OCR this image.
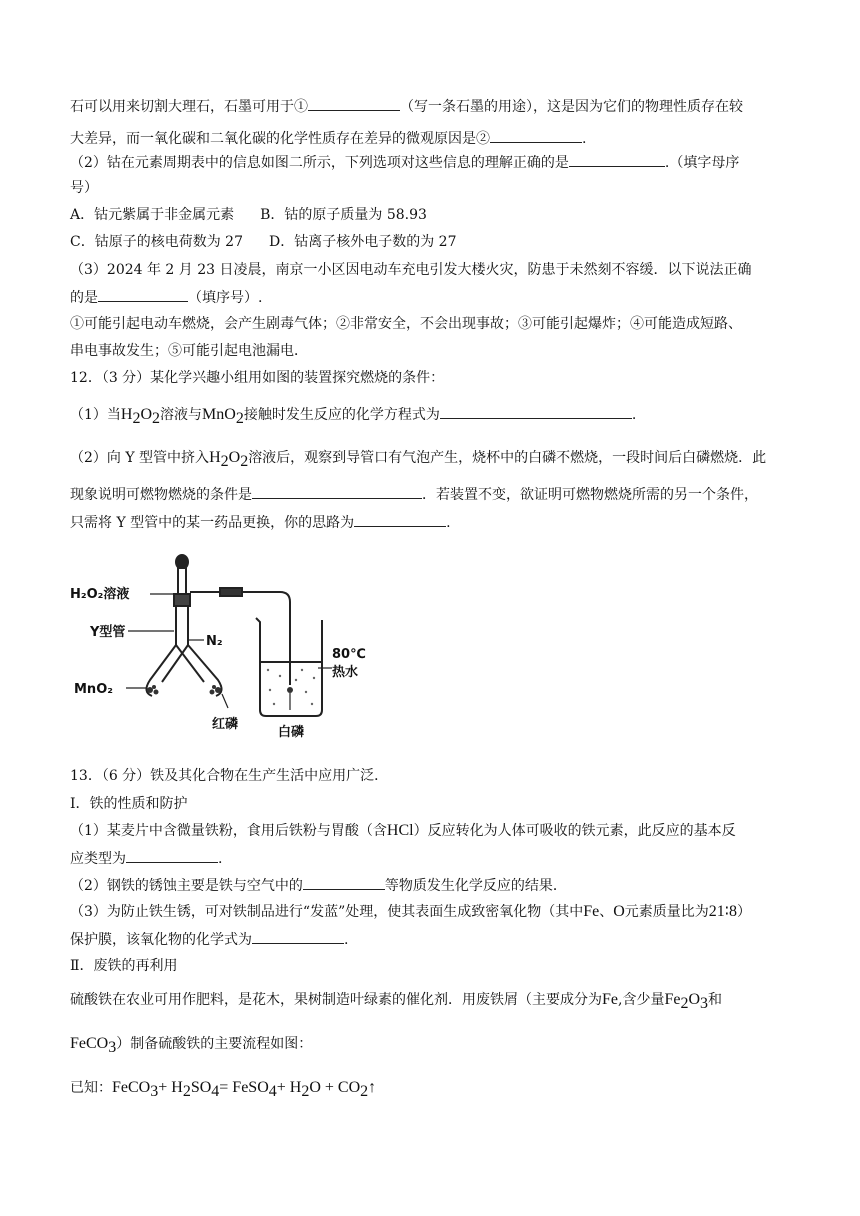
石可以用来切割大理石，石墨可用于①	（写一条石墨的用途），这是因为它们的物理性质存在较
大差异，而一氧化碳和二氧化碳的化学性质存在差异的微观原因是②	.
（2）钴在元素周期表中的信息如图二所示，下列选项对这些信息的理解正确的是	.（填字母序
号）
A．钴元紫属于非金属元素 B．钴的原子质量为 58.93
C．钴原子的核电荷数为 27 D．钴离子核外电子数的为 27
（3）2024 年 2 月 23 日凌晨，南京一小区因电动车充电引发大楼火灾，防患于未然刻不容缓．以下说法正确
的是	（填序号）.
①可能引起电动车燃烧，会产生剧毒气体；②非常安全，不会出现事故；③可能引起爆炸；④可能造成短路、
串电事故发生；⑤可能引起电池漏电．
12．（3 分）某化学兴趣小组用如图的装置探究燃烧的条件：
（1）当$H_2O_2$溶液与MnO$_2$接触时发生反应的化学方程式为	.
（2）向 Y 型管中挤入$H_2O_2$溶液后，观察到导管口有气泡产生，烧杯中的白磷不燃烧，一段时间后白磷燃烧．此
现象说明可燃物燃烧的条件是	．若装置不变，欲证明可燃物燃烧所需的另一个条件，
只需将 Y 型管中的某一药品更换，你的思路为	.
H₂O₂溶液
Y型管
N₂
MnO₂
红磷
80℃
热水
白磷
13．（6 分）铁及其化合物在生产生活中应用广泛．
Ⅰ．铁的性质和防护
（1）某麦片中含微量铁粉，食用后铁粉与胃酸（含HCl）反应转化为人体可吸收的铁元素，此反应的基本反
应类型为	.
（2）钢铁的锈蚀主要是铁与空气中的	等物质发生化学反应的结果．
（3）为防止铁生锈，可对铁制品进行“发蓝”处理，使其表面生成致密氧化物（其中Fe、O元素质量比为21∶8）
保护膜，该氧化物的化学式为	.
Ⅱ．废铁的再利用
硫酸铁在农业可用作肥料，是花木，果树制造叶绿素的催化剂．用废铁屑（主要成分为Fe,含少量$Fe_2O_3$和
FeCO$_3$）制备硫酸铁的主要流程如图：
已知：FeCO$_3$+ $H_2SO_4=$ FeSO$_4$+ $H_2O$ + $CO_2↑$
